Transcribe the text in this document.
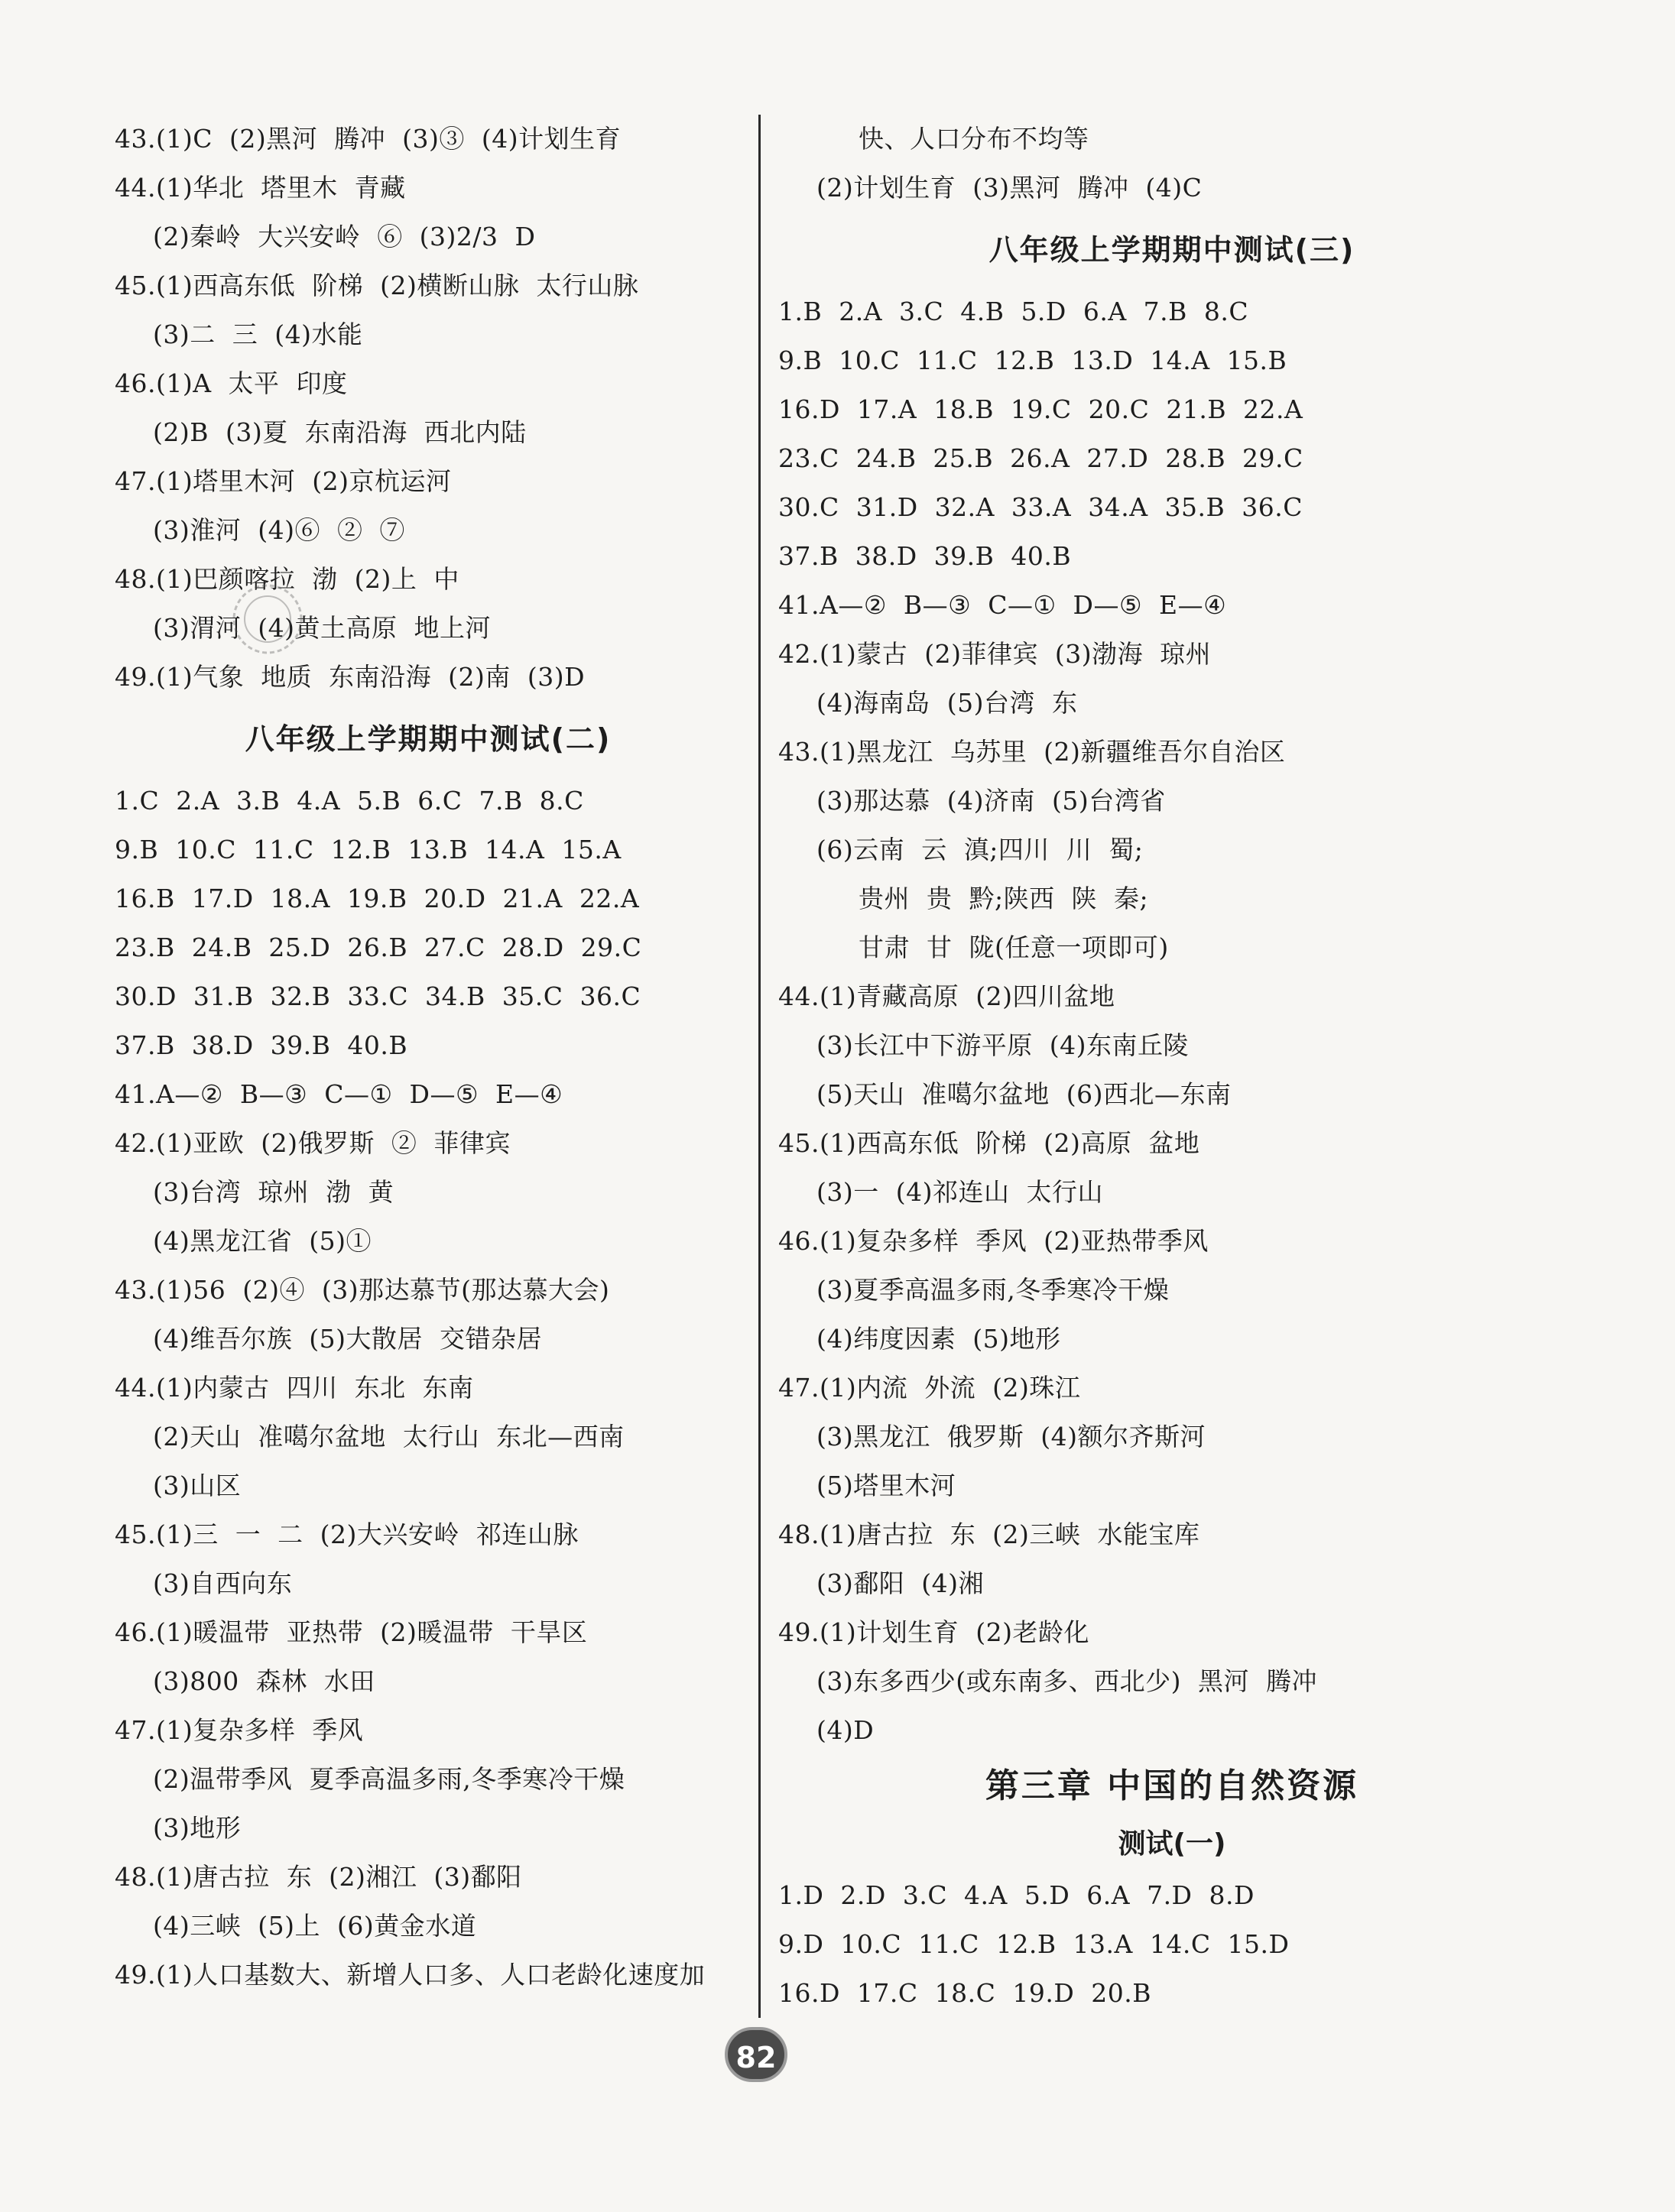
43.(1)C  (2)黑河  腾冲  (3)③  (4)计划生育
44.(1)华北  塔里木  青藏
(2)秦岭  大兴安岭  ⑥  (3)2/3  D
45.(1)西高东低  阶梯  (2)横断山脉  太行山脉
(3)二  三  (4)水能
46.(1)A  太平  印度
(2)B  (3)夏  东南沿海  西北内陆
47.(1)塔里木河  (2)京杭运河
(3)淮河  (4)⑥  ②  ⑦
48.(1)巴颜喀拉  渤  (2)上  中
(3)渭河  (4)黄土高原  地上河
49.(1)气象  地质  东南沿海  (2)南  (3)D
八年级上学期期中测试(二)
1.C  2.A  3.B  4.A  5.B  6.C  7.B  8.C
9.B  10.C  11.C  12.B  13.B  14.A  15.A
16.B  17.D  18.A  19.B  20.D  21.A  22.A
23.B  24.B  25.D  26.B  27.C  28.D  29.C
30.D  31.B  32.B  33.C  34.B  35.C  36.C
37.B  38.D  39.B  40.B
41.A—②  B—③  C—①  D—⑤  E—④
42.(1)亚欧  (2)俄罗斯  ②  菲律宾
(3)台湾  琼州  渤  黄
(4)黑龙江省  (5)①
43.(1)56  (2)④  (3)那达慕节(那达慕大会)
(4)维吾尔族  (5)大散居  交错杂居
44.(1)内蒙古  四川  东北  东南
(2)天山  准噶尔盆地  太行山  东北—西南
(3)山区
45.(1)三  一  二  (2)大兴安岭  祁连山脉
(3)自西向东
46.(1)暖温带  亚热带  (2)暖温带  干旱区
(3)800  森林  水田
47.(1)复杂多样  季风
(2)温带季风  夏季高温多雨,冬季寒冷干燥
(3)地形
48.(1)唐古拉  东  (2)湘江  (3)鄱阳
(4)三峡  (5)上  (6)黄金水道
49.(1)人口基数大、新增人口多、人口老龄化速度加
快、人口分布不均等
(2)计划生育  (3)黑河  腾冲  (4)C
八年级上学期期中测试(三)
1.B  2.A  3.C  4.B  5.D  6.A  7.B  8.C
9.B  10.C  11.C  12.B  13.D  14.A  15.B
16.D  17.A  18.B  19.C  20.C  21.B  22.A
23.C  24.B  25.B  26.A  27.D  28.B  29.C
30.C  31.D  32.A  33.A  34.A  35.B  36.C
37.B  38.D  39.B  40.B
41.A—②  B—③  C—①  D—⑤  E—④
42.(1)蒙古  (2)菲律宾  (3)渤海  琼州
(4)海南岛  (5)台湾  东
43.(1)黑龙江  乌苏里  (2)新疆维吾尔自治区
(3)那达慕  (4)济南  (5)台湾省
(6)云南  云  滇;四川  川  蜀;
贵州  贵  黔;陕西  陕  秦;
甘肃  甘  陇(任意一项即可)
44.(1)青藏高原  (2)四川盆地
(3)长江中下游平原  (4)东南丘陵
(5)天山  准噶尔盆地  (6)西北—东南
45.(1)西高东低  阶梯  (2)高原  盆地
(3)一  (4)祁连山  太行山
46.(1)复杂多样  季风  (2)亚热带季风
(3)夏季高温多雨,冬季寒冷干燥
(4)纬度因素  (5)地形
47.(1)内流  外流  (2)珠江
(3)黑龙江  俄罗斯  (4)额尔齐斯河
(5)塔里木河
48.(1)唐古拉  东  (2)三峡  水能宝库
(3)鄱阳  (4)湘
49.(1)计划生育  (2)老龄化
(3)东多西少(或东南多、西北少)  黑河  腾冲
(4)D
第三章 中国的自然资源
测试(一)
1.D  2.D  3.C  4.A  5.D  6.A  7.D  8.D
9.D  10.C  11.C  12.B  13.A  14.C  15.D
16.D  17.C  18.C  19.D  20.B
82
